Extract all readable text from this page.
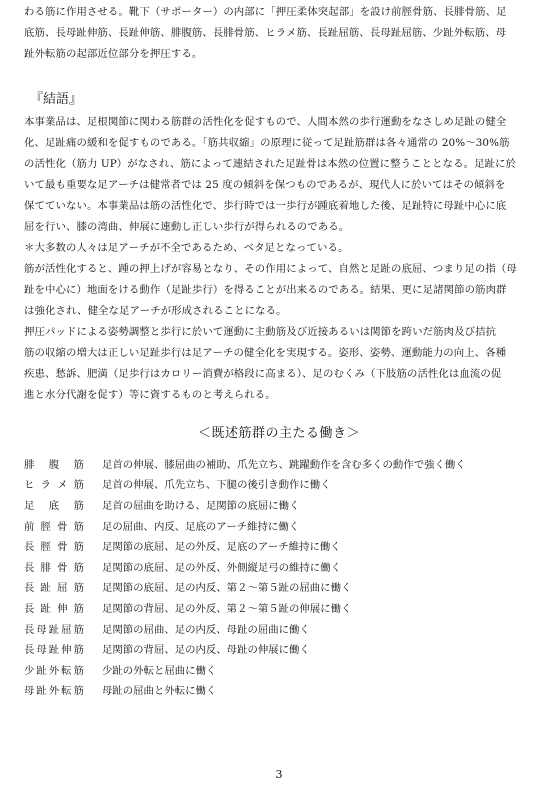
わる筋に作用させる。靴下（サポーター）の内部に「押圧柔体突起部」を設け前脛骨筋、長腓骨筋、足
底筋、長母趾伸筋、長趾伸筋、腓腹筋、長腓骨筋、ヒラメ筋、長趾屈筋、長母趾屈筋、少趾外転筋、母
趾外転筋の起部近位部分を押圧する。
『結語』
本事業品は、足根関節に関わる筋群の活性化を促すもので、人間本然の歩行運動をなさしめ足趾の健全
化、足趾痛の緩和を促すものである。「筋共収縮」の原理に従って足趾筋群は各々通常の 20%～30%筋
の活性化（筋力 UP）がなされ、筋によって連結された足趾骨は本然の位置に整うこととなる。足趾に於
いて最も重要な足アーチは健常者では 25 度の傾斜を保つものであるが、現代人に於いてはその傾斜を
保てていない。本事業品は筋の活性化で、歩行時では一歩行が踵底着地した後、足趾特に母趾中心に底
屈を行い、膝の湾曲、伸展に連動し正しい歩行が得られるのである。
＊大多数の人々は足アーチが不全であるため、ベタ足となっている。
筋が活性化すると、踵の押上げが容易となり、その作用によって、自然と足趾の底屈、つまり足の指（母
趾を中心に）地面をける動作（足趾歩行）を得ることが出来るのである。結果、更に足諸関節の筋肉群
は強化され、健全な足アーチが形成されることになる。
押圧パッドによる姿勢調整と歩行に於いて運動に主動筋及び近接あるいは関節を跨いだ筋肉及び拮抗
筋の収縮の増大は正しい足趾歩行は足アーチの健全化を実現する。姿形、姿勢、運動能力の向上、各種
疾患、愁訴、肥満（足歩行はカロリー消費が格段に高まる）、足のむくみ（下肢筋の活性化は血流の促
進と水分代謝を促す）等に資するものと考えられる。
＜既述筋群の主たる働き＞
腓 腹 筋 足首の伸展、膝屈曲の補助、爪先立ち、跳躍動作を含む多くの動作で強く働く
ヒ ラ メ 筋 足首の伸展、爪先立ち、下腿の後引き動作に働く
足 底 筋 足首の屈曲を助ける、足関節の底屈に働く
前 脛 骨 筋 足の屈曲、内反、足底のアーチ維持に働く
長 脛 骨 筋 足関節の底屈、足の外反、足底のアーチ維持に働く
長 腓 骨 筋 足関節の底屈、足の外反、外側縦足弓の維持に働く
長 趾 屈 筋 足関節の底屈、足の内反、第２～第５趾の屈曲に働く
長 趾 伸 筋 足関節の背屈、足の外反、第２～第５趾の伸展に働く
長 母 趾 屈 筋 足関節の屈曲、足の内反、母趾の屈曲に働く
長 母 趾 伸 筋 足関節の背屈、足の内反、母趾の伸展に働く
少 趾 外 転 筋 少趾の外転と屈曲に働く
母 趾 外 転 筋 母趾の屈曲と外転に働く
3
